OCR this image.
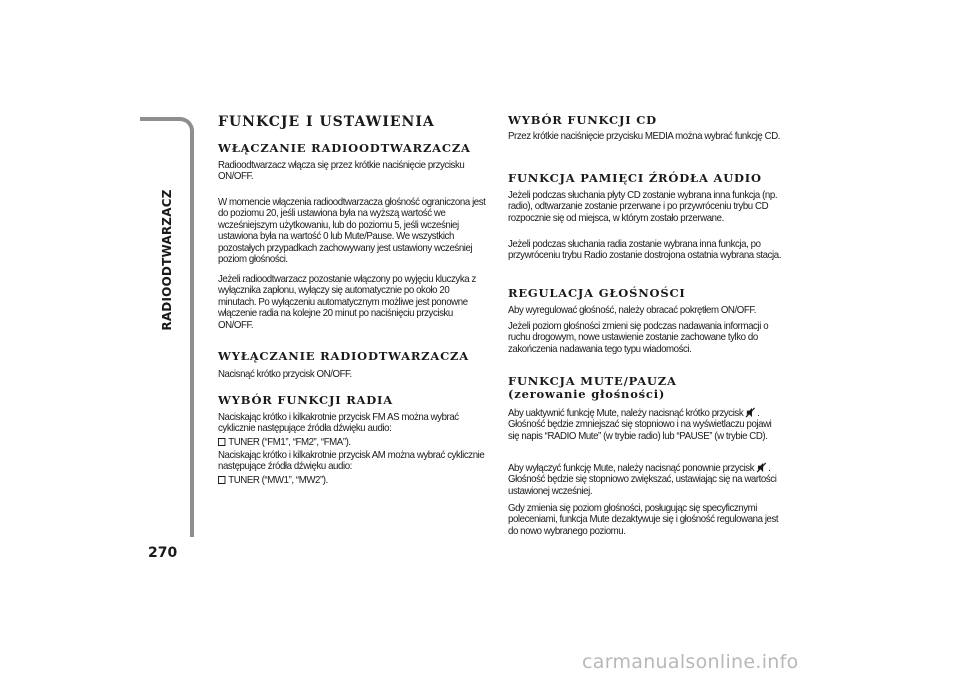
RADIOODTWARZACZ
270
carmanualsonline.info
FUNKCJE I USTAWIENIA
WŁĄCZANIE RADIOODTWARZACZA

Radioodtwarzacz włącza się przez krótkie naciśnięcie przycisku ON/OFF.

W momencie włączenia radioodtwarzacza głośność ograniczona jest do poziomu 20, jeśli ustawiona była na wyższą wartość we wcześniejszym użytkowaniu, lub do poziomu 5, jeśli wcześniej ustawiona była na wartość 0 lub Mute/Pause. We wszystkich pozostałych przypadkach zachowywany jest ustawiony wcześniej poziom głośności.

Jeżeli radioodtwarzacz pozostanie włączony po wyjęciu kluczyka z wyłącznika zapłonu, wyłączy się automatycznie po około 20 minutach. Po wyłączeniu automatycznym możliwe jest ponowne włączenie radia na kolejne 20 minut po naciśnięciu przycisku ON/OFF.

WYŁĄCZANIE RADIODTWARZACZA

Nacisnąć krótko przycisk ON/OFF.

WYBÓR FUNKCJI RADIA

Naciskając krótko i kilkakrotnie przycisk FM AS można wybrać cyklicznie następujące źródła dźwięku audio:

TUNER (“FM1”, “FM2”, “FMA”).

Naciskając krótko i kilkakrotnie przycisk AM można wybrać cyklicznie następujące źródła dźwięku audio:

TUNER (“MW1”, “MW2”).

WYBÓR FUNKCJI CD

Przez krótkie naciśnięcie przycisku MEDIA można wybrać funkcję CD.

FUNKCJA PAMIĘCI ŹRÓDŁA AUDIO

Jeżeli podczas słuchania płyty CD zostanie wybrana inna funkcja (np. radio), odtwarzanie zostanie przerwane i po przywróceniu trybu CD rozpocznie się od miejsca, w którym zostało przerwane.

Jeżeli podczas słuchania radia zostanie wybrana inna funkcja, po przywróceniu trybu Radio zostanie dostrojona ostatnia wybrana stacja.

REGULACJA GŁOŚNOŚCI

Aby wyregulować głośność, należy obracać pokrętłem ON/OFF.

Jeżeli poziom głośności zmieni się podczas nadawania informacji o ruchu drogowym, nowe ustawienie zostanie zachowane tylko do zakończenia nadawania tego typu wiadomości.

FUNKCJA MUTE/PAUZA
(zerowanie głośności)

Aby uaktywnić funkcję Mute, należy nacisnąć krótko przycisk . Głośność będzie zmniejszać się stopniowo i na wyświetlaczu pojawi się napis “RADIO Mute” (w trybie radio) lub “PAUSE” (w trybie CD).

Aby wyłączyć funkcję Mute, należy nacisnąć ponownie przycisk . Głośność będzie się stopniowo zwiększać, ustawiając się na wartości ustawionej wcześniej.

Gdy zmienia się poziom głośności, posługując się specyficznymi poleceniami, funkcja Mute dezaktywuje się i głośność regulowana jest do nowo wybranego poziomu.
